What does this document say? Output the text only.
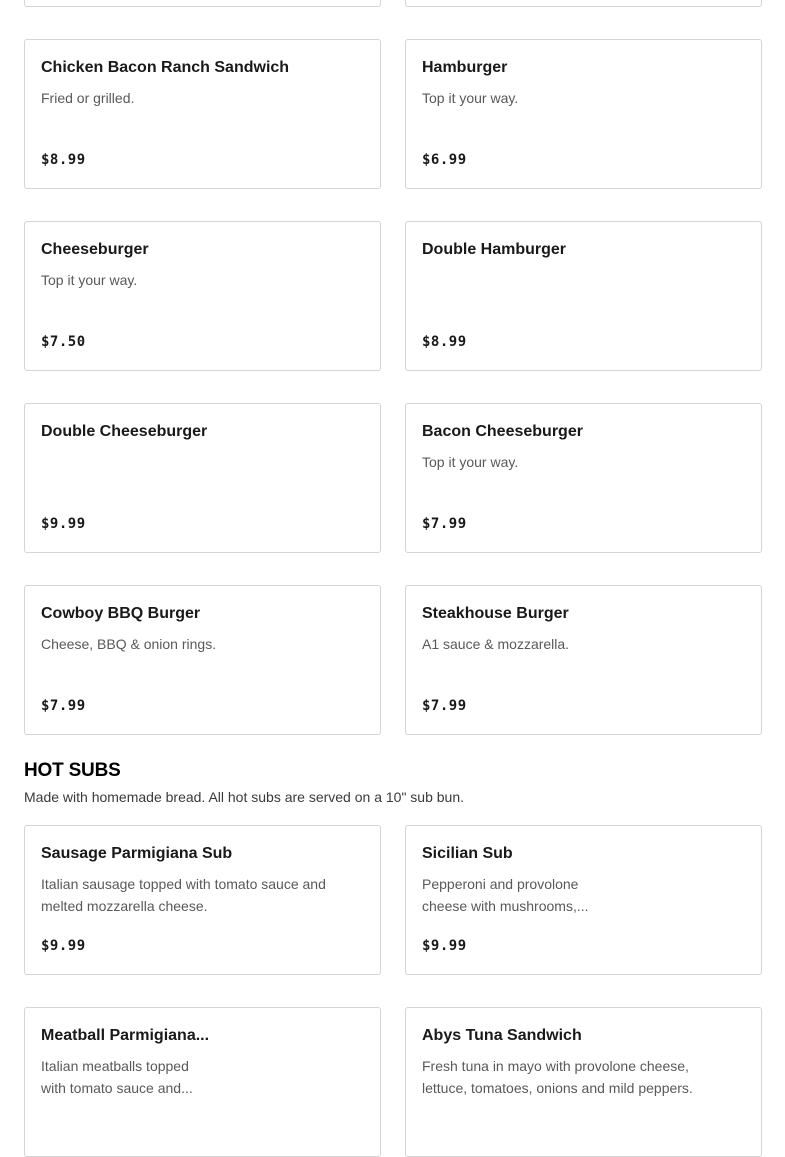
Chicken Bacon Ranch Sandwich
Fried or grilled.
$8.99
Hamburger
Top it your way.
$6.99
Cheeseburger
Top it your way.
$7.50
Double Hamburger
$8.99
Double Cheeseburger
$9.99
Bacon Cheeseburger
Top it your way.
$7.99
Cowboy BBQ Burger
Cheese, BBQ & onion rings.
$7.99
Steakhouse Burger
A1 sauce & mozzarella.
$7.99
HOT SUBS
Made with homemade bread. All hot subs are served on a 10" sub bun.
Sausage Parmigiana Sub
Italian sausage topped with tomato sauce and melted mozzarella cheese.
$9.99
Sicilian Sub
Pepperoni and provolone cheese with mushrooms,...
$9.99
Meatball Parmigiana...
Italian meatballs topped with tomato sauce and...
Abys Tuna Sandwich
Fresh tuna in mayo with provolone cheese, lettuce, tomatoes, onions and mild peppers.
